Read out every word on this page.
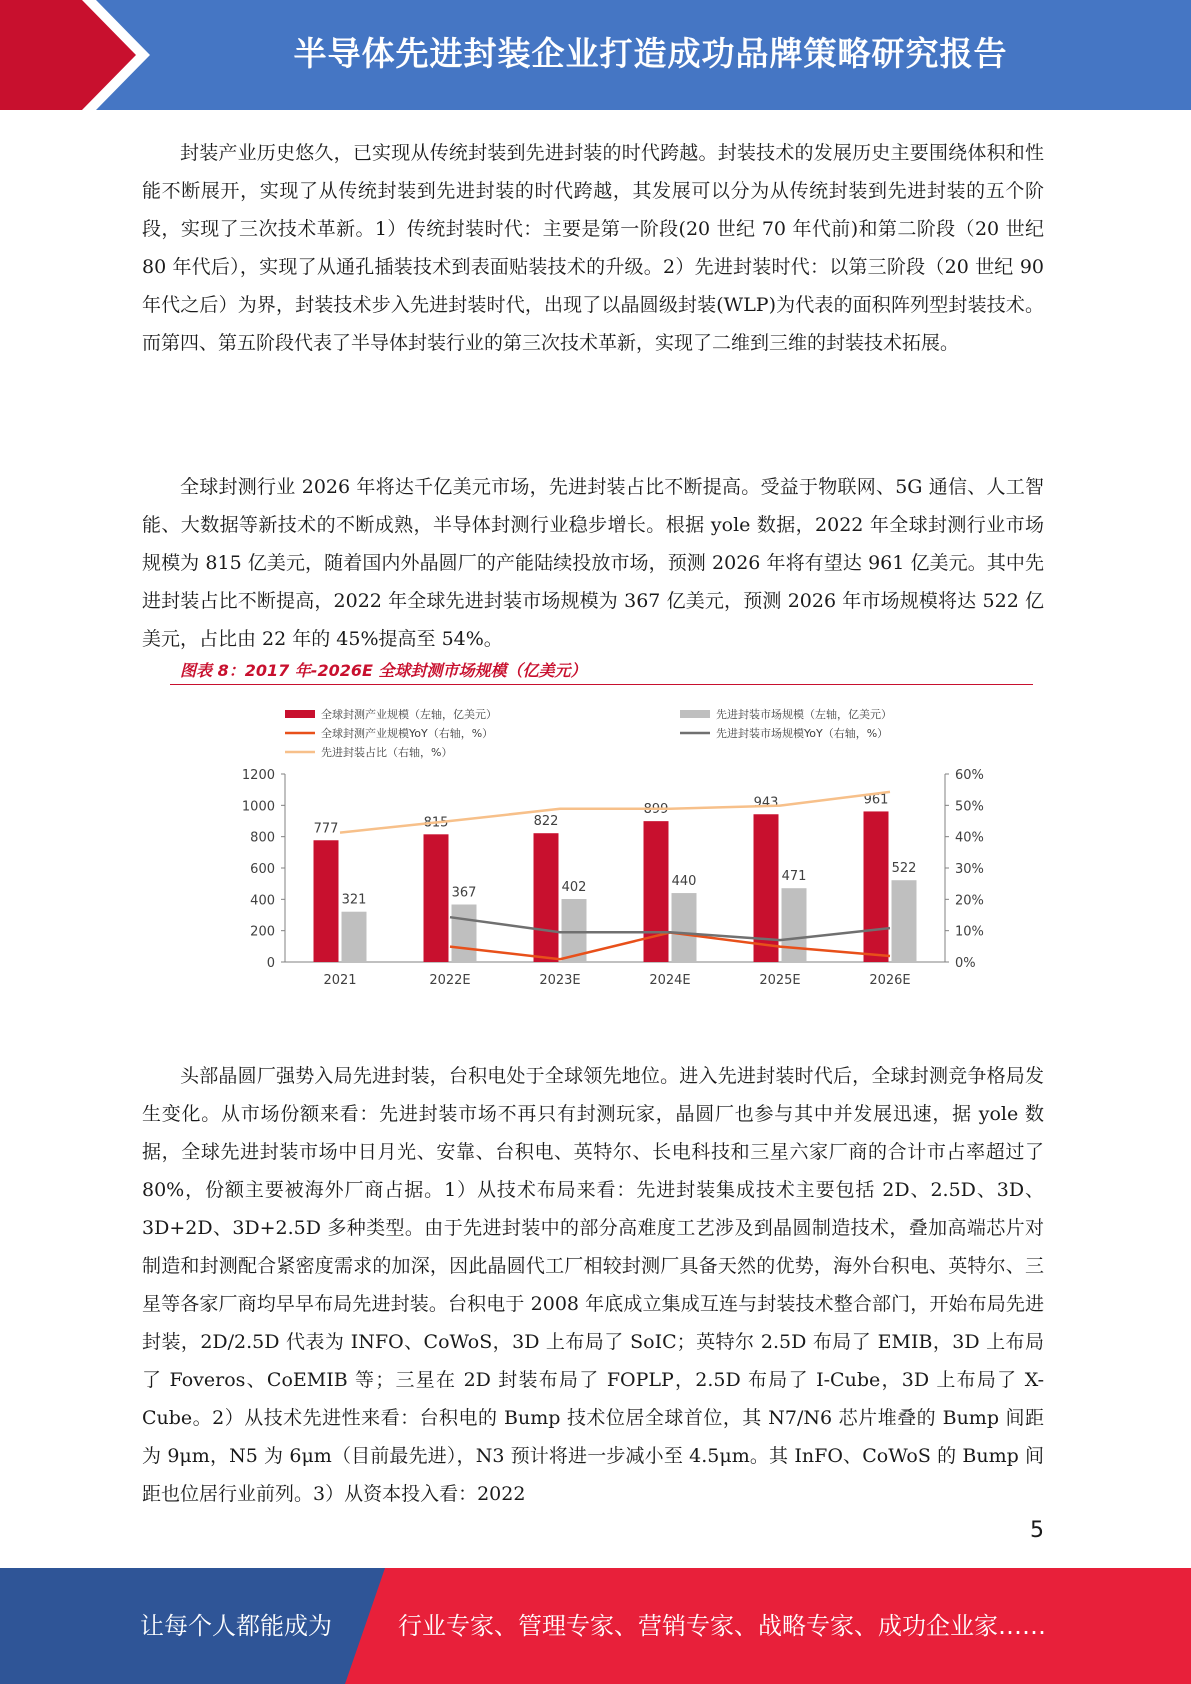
半导体先进封装企业打造成功品牌策略研究报告

封装产业历史悠久，已实现从传统封装到先进封装的时代跨越。封装技术的发展历史主要围绕体积和性能不断展开，实现了从传统封装到先进封装的时代跨越，其发展可以分为从传统封装到先进封装的五个阶段，实现了三次技术革新。1）传统封装时代：主要是第一阶段(20 世纪 70 年代前)和第二阶段（20 世纪 80 年代后），实现了从通孔插装技术到表面贴装技术的升级。2）先进封装时代：以第三阶段（20 世纪 90 年代之后）为界，封装技术步入先进封装时代，出现了以晶圆级封装(WLP)为代表的面积阵列型封装技术。而第四、第五阶段代表了半导体封装行业的第三次技术革新，实现了二维到三维的封装技术拓展。

全球封测行业 2026 年将达千亿美元市场，先进封装占比不断提高。受益于物联网、5G 通信、人工智能、大数据等新技术的不断成熟，半导体封测行业稳步增长。根据 yole 数据，2022 年全球封测行业市场规模为 815 亿美元，随着国内外晶圆厂的产能陆续投放市场，预测 2026 年将有望达 961 亿美元。其中先进封装占比不断提高，2022 年全球先进封装市场规模为 367 亿美元，预测 2026 年市场规模将达 522 亿美元，占比由 22 年的 45%提高至 54%。

图表 8：2017 年-2026E 全球封测市场规模（亿美元）
全球封测产业规模（左轴，亿美元）	先进封装市场规模（左轴，亿美元）
全球封测产业规模YoY（右轴，%）	先进封装市场规模YoY（右轴，%）
先进封装占比（右轴，%）
0
200
400
600
800
1000
1200
0%
10%
20%
30%
40%
50%
60%
777
321
2021
815
367
2022E
822
402
2023E
899
440
2024E
943
471
2025E
961
522
2026E

头部晶圆厂强势入局先进封装，台积电处于全球领先地位。进入先进封装时代后，全球封测竞争格局发生变化。从市场份额来看：先进封装市场不再只有封测玩家，晶圆厂也参与其中并发展迅速，据 yole 数据，全球先进封装市场中日月光、安靠、台积电、英特尔、长电科技和三星六家厂商的合计市占率超过了 80%，份额主要被海外厂商占据。1）从技术布局来看：先进封装集成技术主要包括 2D、2.5D、3D、3D+2D、3D+2.5D 多种类型。由于先进封装中的部分高难度工艺涉及到晶圆制造技术，叠加高端芯片对制造和封测配合紧密度需求的加深，因此晶圆代工厂相较封测厂具备天然的优势，海外台积电、英特尔、三星等各家厂商均早早布局先进封装。台积电于 2008 年底成立集成互连与封装技术整合部门，开始布局先进封装，2D/2.5D 代表为 INFO、CoWoS，3D 上布局了 SoIC；英特尔 2.5D 布局了 EMIB，3D 上布局了 Foveros、CoEMIB 等；三星在 2D 封装布局了 FOPLP，2.5D 布局了 I-Cube，3D 上布局了 X-Cube。2）从技术先进性来看：台积电的 Bump 技术位居全球首位，其 N7/N6 芯片堆叠的 Bump 间距为 9μm，N5 为 6μm（目前最先进），N3 预计将进一步减小至 4.5μm。其 InFO、CoWoS 的 Bump 间距也位居行业前列。3）从资本投入看：2022

5
让每个人都能成为	行业专家、管理专家、营销专家、战略专家、成功企业家……
